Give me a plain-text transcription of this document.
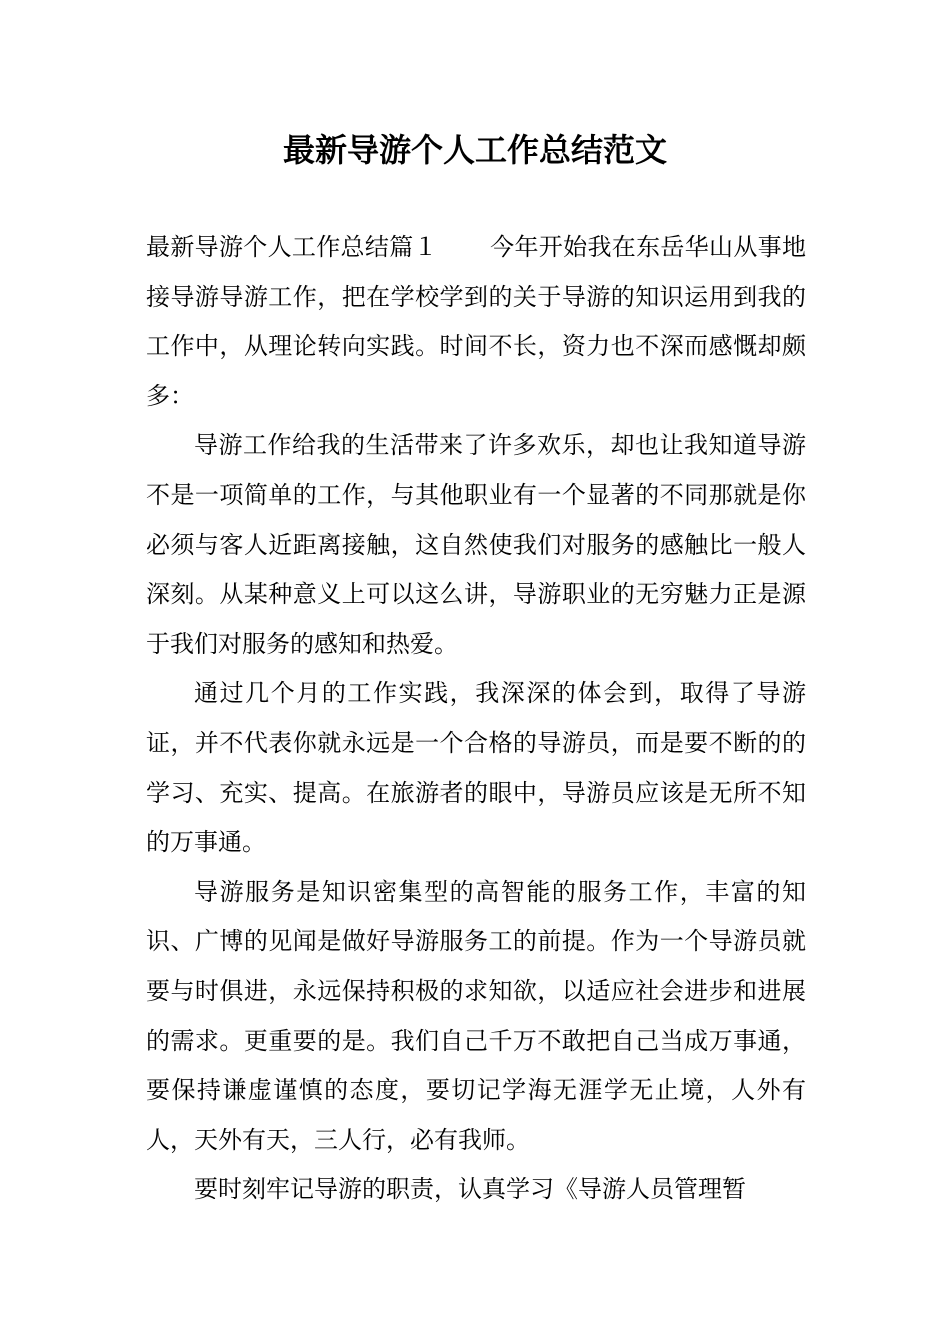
最新导游个人工作总结范文

最新导游个人工作总结篇１ 今年开始我在东岳华山从事地接导游导游工作，把在学校学到的关于导游的知识运用到我的工作中，从理论转向实践。时间不长，资力也不深而感慨却颇多：

导游工作给我的生活带来了许多欢乐，却也让我知道导游不是一项简单的工作，与其他职业有一个显著的不同那就是你必须与客人近距离接触，这自然使我们对服务的感触比一般人深刻。从某种意义上可以这么讲，导游职业的无穷魅力正是源于我们对服务的感知和热爱。

通过几个月的工作实践，我深深的体会到，取得了导游证，并不代表你就永远是一个合格的导游员，而是要不断的的学习、充实、提高。在旅游者的眼中，导游员应该是无所不知的万事通。

导游服务是知识密集型的高智能的服务工作，丰富的知识、广博的见闻是做好导游服务工的前提。作为一个导游员就要与时俱进，永远保持积极的求知欲，以适应社会进步和进展的需求。更重要的是。我们自己千万不敢把自己当成万事通，要保持谦虚谨慎的态度，要切记学海无涯学无止境，人外有人，天外有天，三人行，必有我师。

要时刻牢记导游的职责，认真学习《导游人员管理暂
